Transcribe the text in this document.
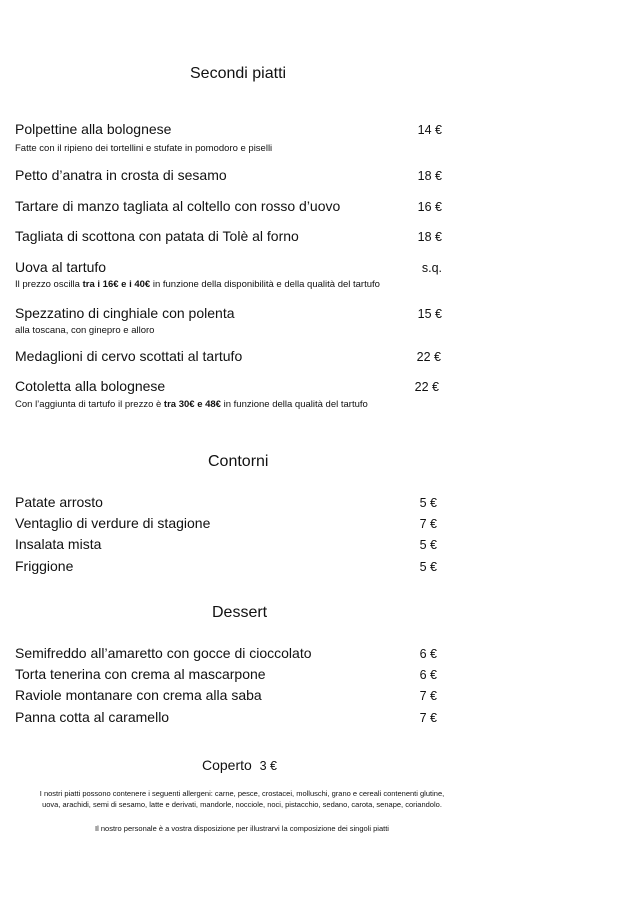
Secondi piatti
Polpettine alla bolognese	14 €
Fatte con il ripieno dei tortellini e stufate in pomodoro e piselli
Petto d’anatra in crosta di sesamo	18 €
Tartare di manzo tagliata al coltello con rosso d’uovo	16 €
Tagliata di scottona con patata di Tolè al forno	18 €
Uova al tartufo	s.q.
Il prezzo oscilla tra i 16€ e i 40€ in funzione della disponibilità e della qualità del tartufo
Spezzatino di cinghiale con polenta	15 €
alla toscana, con ginepro e alloro
Medaglioni di cervo scottati al tartufo	22 €
Cotoletta alla bolognese	22 €
Con l’aggiunta di tartufo il prezzo è tra 30€ e 48€ in funzione della qualità del tartufo
Contorni
Patate arrosto	5 €
Ventaglio di verdure di stagione	7 €
Insalata mista	5 €
Friggione	5 €
Dessert
Semifreddo all’amaretto con gocce di cioccolato	6 €
Torta tenerina con crema al mascarpone	6 €
Raviole montanare con crema alla saba	7 €
Panna cotta al caramello	7 €
Coperto 3 €
I nostri piatti possono contenere i seguenti allergeni: carne, pesce, crostacei, molluschi, grano e cereali contenenti glutine,
uova, arachidi, semi di sesamo, latte e derivati, mandorle, nocciole, noci, pistacchio, sedano, carota, senape, coriandolo.
Il nostro personale è a vostra disposizione per illustrarvi la composizione dei singoli piatti
